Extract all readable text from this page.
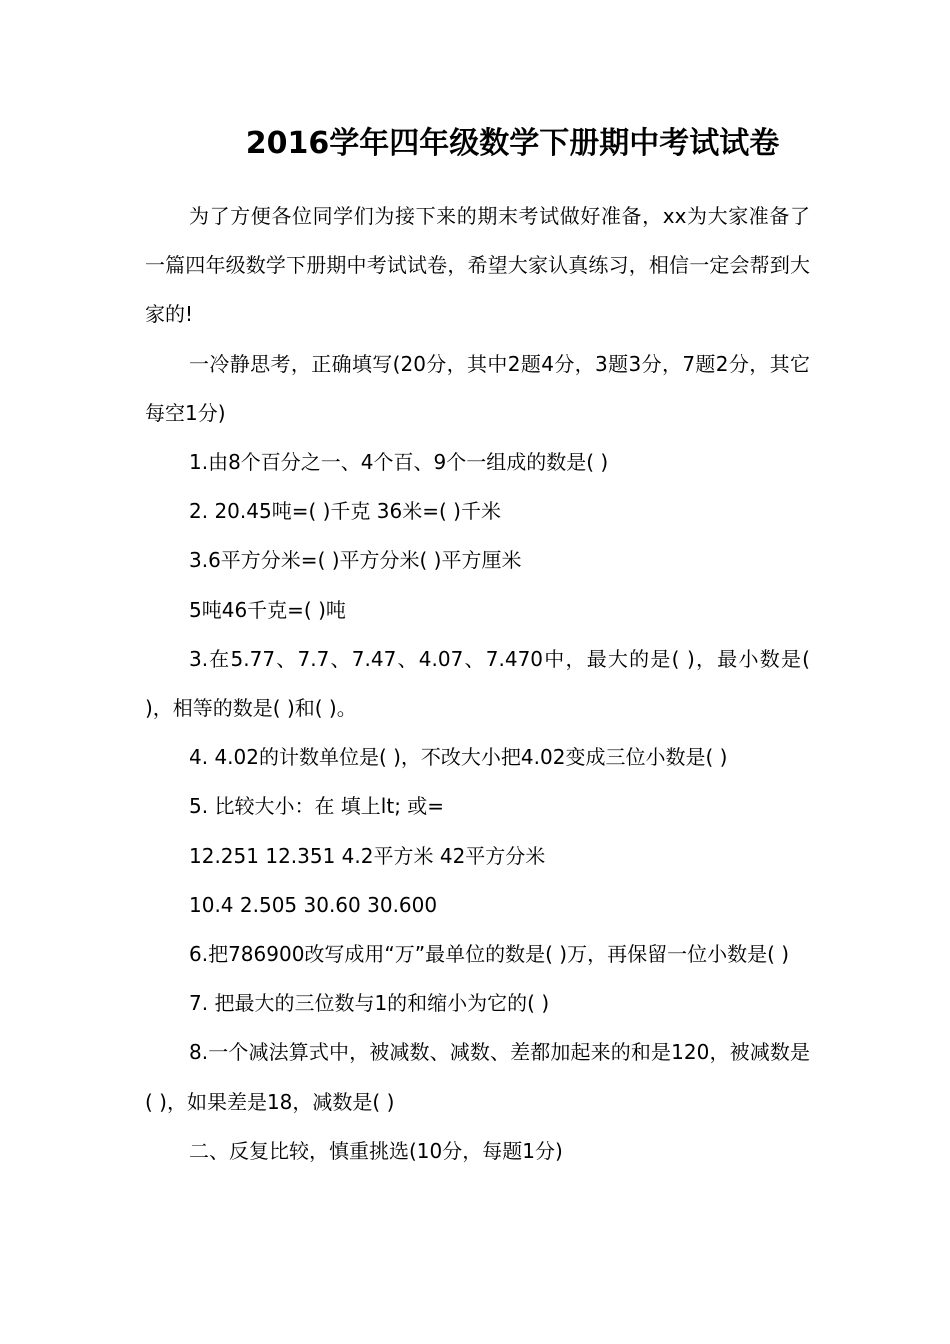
2016学年四年级数学下册期中考试试卷

为了方便各位同学们为接下来的期末考试做好准备，xx为大家准备了一篇四年级数学下册期中考试试卷，希望大家认真练习，相信一定会帮到大家的!

一冷静思考，正确填写(20分，其中2题4分，3题3分，7题2分，其它每空1分)

1.由8个百分之一、4个百、9个一组成的数是( )

2. 20.45吨=( )千克 36米=( )千米

3.6平方分米=( )平方分米( )平方厘米

5吨46千克=( )吨

3.在5.77、7.7、7.47、4.07、7.470中，最大的是( )，最小数是( )，相等的数是( )和( )。

4. 4.02的计数单位是( )，不改大小把4.02变成三位小数是( )

5. 比较大小：在 填上lt; 或=

12.251 12.351 4.2平方米 42平方分米

10.4 2.505 30.60 30.600

6.把786900改写成用“万”最单位的数是( )万，再保留一位小数是( )

7. 把最大的三位数与1的和缩小为它的( )

8.一个减法算式中，被减数、减数、差都加起来的和是120，被减数是( )，如果差是18，减数是( )

二、反复比较，慎重挑选(10分，每题1分)
